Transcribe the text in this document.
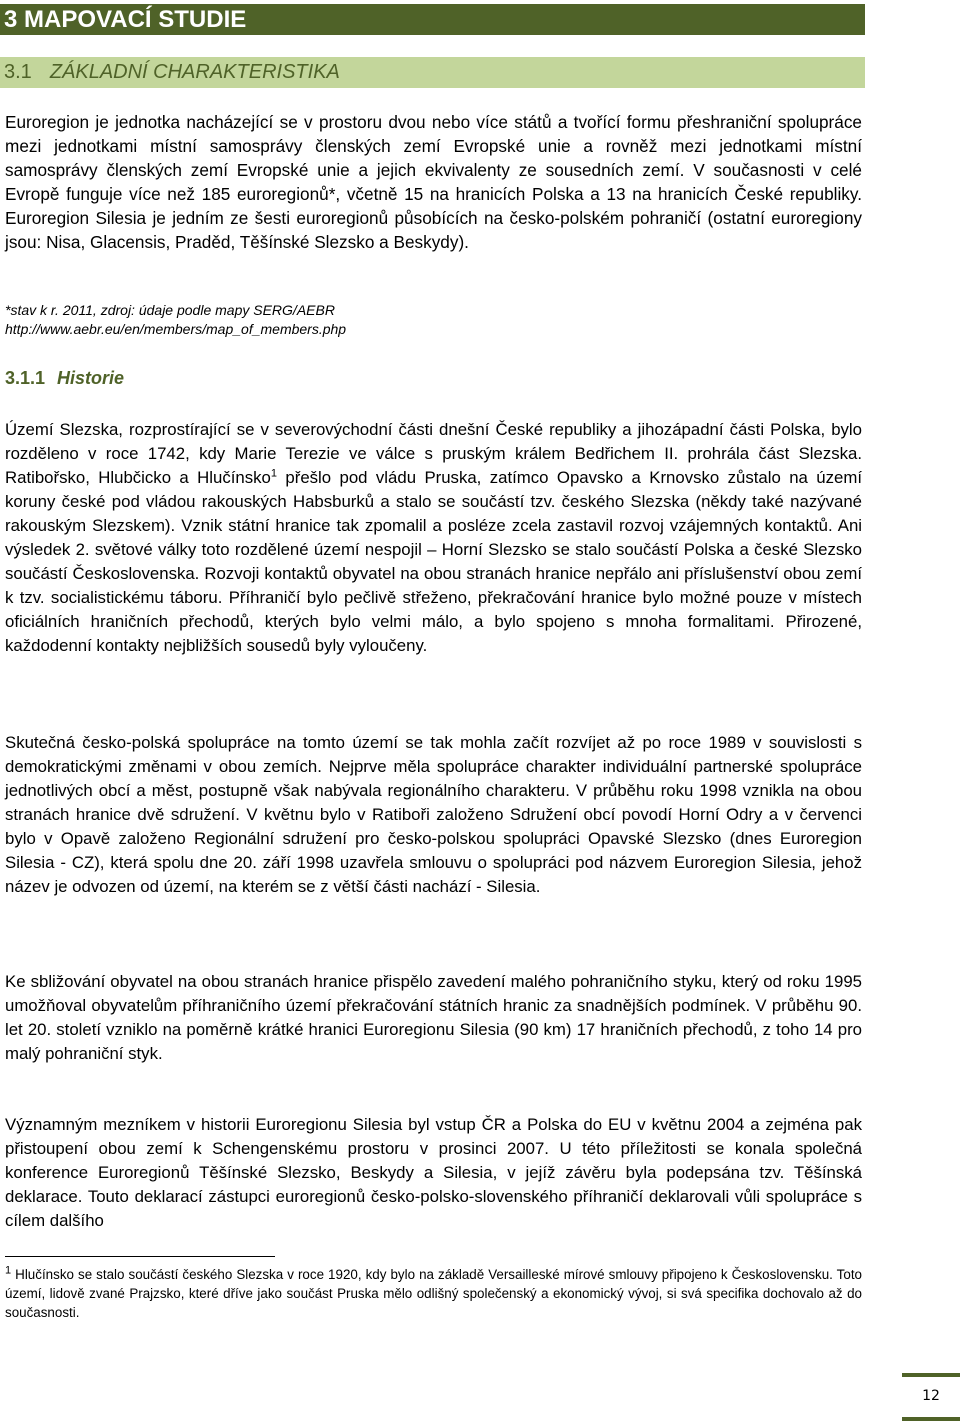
3 MAPOVACÍ STUDIE
3.1 ZÁKLADNÍ CHARAKTERISTIKA

Euroregion je jednotka nacházející se v prostoru dvou nebo více států a tvořící formu přeshraniční spolupráce mezi jednotkami místní samosprávy členských zemí Evropské unie a rovněž mezi jednotkami místní samosprávy členských zemí Evropské unie a jejich ekvivalenty ze sousedních zemí. V současnosti v celé Evropě funguje více než 185 euroregionů*, včetně 15 na hranicích Polska a 13 na hranicích České republiky. Euroregion Silesia je jedním ze šesti euroregionů působících na česko-polském pohraničí (ostatní euroregiony jsou: Nisa, Glacensis, Praděd, Těšínské Slezsko a Beskydy).

*stav k r. 2011, zdroj: údaje podle mapy SERG/AEBR
http://www.aebr.eu/en/members/map_of_members.php
3.1.1 Historie

Území Slezska, rozprostírající se v severovýchodní části dnešní České republiky a jihozápadní části Polska, bylo rozděleno v roce 1742, kdy Marie Terezie ve válce s pruským králem Bedřichem II. prohrála část Slezska. Ratibořsko, Hlubčicko a Hlučínsko$^1$ přešlo pod vládu Pruska, zatímco Opavsko a Krnovsko zůstalo na území koruny české pod vládou rakouských Habsburků a stalo se součástí tzv. českého Slezska (někdy také nazývané rakouským Slezskem). Vznik státní hranice tak zpomalil a posléze zcela zastavil rozvoj vzájemných kontaktů. Ani výsledek 2. světové války toto rozdělené území nespojil – Horní Slezsko se stalo součástí Polska a české Slezsko součástí Československa. Rozvoji kontaktů obyvatel na obou stranách hranice nepřálo ani příslušenství obou zemí k tzv. socialistickému táboru. Příhraničí bylo pečlivě střeženo, překračování hranice bylo možné pouze v místech oficiálních hraničních přechodů, kterých bylo velmi málo, a bylo spojeno s mnoha formalitami. Přirozené, každodenní kontakty nejbližších sousedů byly vyloučeny.

Skutečná česko-polská spolupráce na tomto území se tak mohla začít rozvíjet až po roce 1989 v souvislosti s demokratickými změnami v obou zemích. Nejprve měla spolupráce charakter individuální partnerské spolupráce jednotlivých obcí a měst, postupně však nabývala regionálního charakteru. V průběhu roku 1998 vznikla na obou stranách hranice dvě sdružení. V květnu bylo v Ratiboři založeno Sdružení obcí povodí Horní Odry a v červenci bylo v Opavě založeno Regionální sdružení pro česko-polskou spolupráci Opavské Slezsko (dnes Euroregion Silesia - CZ), která spolu dne 20. září 1998 uzavřela smlouvu o spolupráci pod názvem Euroregion Silesia, jehož název je odvozen od území, na kterém se z větší části nachází - Silesia.

Ke sbližování obyvatel na obou stranách hranice přispělo zavedení malého pohraničního styku, který od roku 1995 umožňoval obyvatelům příhraničního území překračování státních hranic za snadnějších podmínek. V průběhu 90. let 20. století vzniklo na poměrně krátké hranici Euroregionu Silesia (90 km) 17 hraničních přechodů, z toho 14 pro malý pohraniční styk.

Významným mezníkem v historii Euroregionu Silesia byl vstup ČR a Polska do EU v květnu 2004 a zejména pak přistoupení obou zemí k Schengenskému prostoru v prosinci 2007. U této příležitosti se konala společná konference Euroregionů Těšínské Slezsko, Beskydy a Silesia, v jejíž závěru byla podepsána tzv. Těšínská deklarace. Touto deklarací zástupci euroregionů česko-polsko-slovenského příhraničí deklarovali vůli spolupráce s cílem dalšího

$^1$ Hlučínsko se stalo součástí českého Slezska v roce 1920, kdy bylo na základě Versailleské mírové smlouvy připojeno k Československu. Toto území, lidově zvané Prajzsko, které dříve jako součást Pruska mělo odlišný společenský a ekonomický vývoj, si svá specifika dochovalo až do současnosti.

12
